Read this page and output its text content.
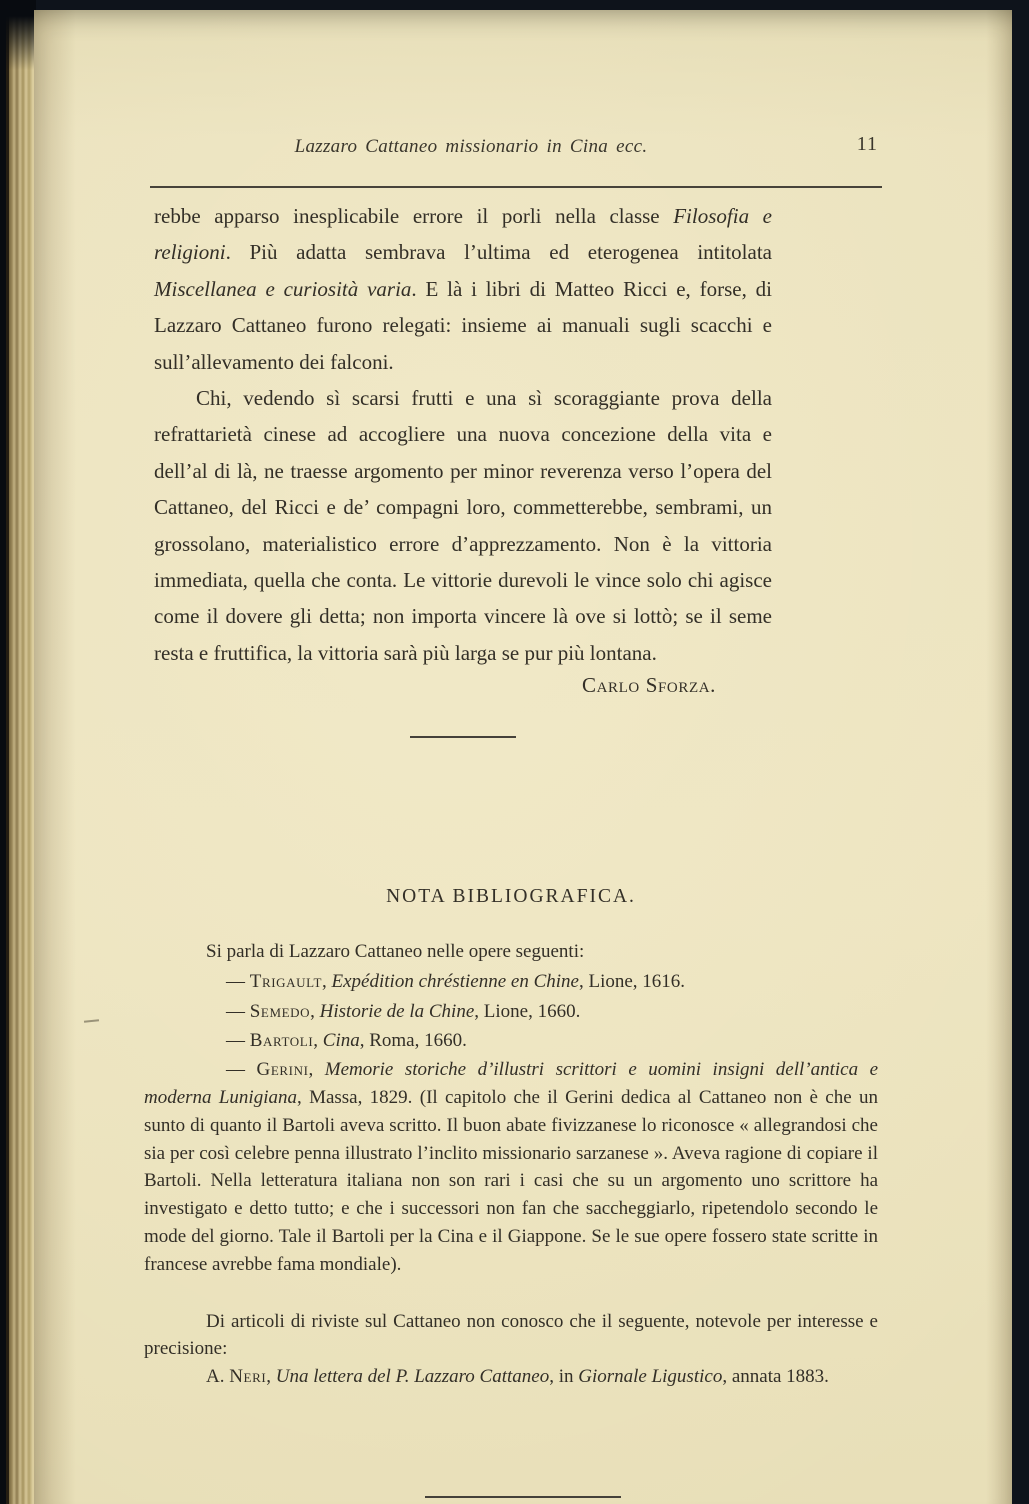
Lazzaro Cattaneo missionario in Cina ecc.	11

rebbe apparso inesplicabile errore il porli nella classe Filosofia e religioni. Più adatta sembrava l’ultima ed eterogenea intitolata Miscellanea e curiosità varia. E là i libri di Matteo Ricci e, forse, di Lazzaro Cattaneo furono relegati: insieme ai manuali sugli scacchi e sull’allevamento dei falconi.

Chi, vedendo sì scarsi frutti e una sì scoraggiante prova della refrattarietà cinese ad accogliere una nuova concezione della vita e dell’al di là, ne traesse argomento per minor reverenza verso l’opera del Cattaneo, del Ricci e de’ compagni loro, commetterebbe, sembrami, un grossolano, materialistico errore d’apprezzamento. Non è la vittoria immediata, quella che conta. Le vittorie durevoli le vince solo chi agisce come il dovere gli detta; non importa vincere là ove si lottò; se il seme resta e fruttifica, la vittoria sarà più larga se pur più lontana.

Carlo Sforza.
NOTA BIBLIOGRAFICA.

Si parla di Lazzaro Cattaneo nelle opere seguenti:

— Trigault, Expédition chréstienne en Chine, Lione, 1616.

— Semedo, Historie de la Chine, Lione, 1660.

— Bartoli, Cina, Roma, 1660.

— Gerini, Memorie storiche d’illustri scrittori e uomini insigni dell’antica e moderna Lunigiana, Massa, 1829. (Il capitolo che il Gerini dedica al Cattaneo non è che un sunto di quanto il Bartoli aveva scritto. Il buon abate fivizzanese lo riconosce « allegrandosi che sia per così celebre penna illustrato l’inclito missionario sarzanese ». Aveva ragione di copiare il Bartoli. Nella letteratura italiana non son rari i casi che su un argomento uno scrittore ha investigato e detto tutto; e che i successori non fan che saccheggiarlo, ripetendolo secondo le mode del giorno. Tale il Bartoli per la Cina e il Giappone. Se le sue opere fossero state scritte in francese avrebbe fama mondiale).

Di articoli di riviste sul Cattaneo non conosco che il seguente, notevole per interesse e precisione:

A. Neri, Una lettera del P. Lazzaro Cattaneo, in Giornale Ligustico, annata 1883.
